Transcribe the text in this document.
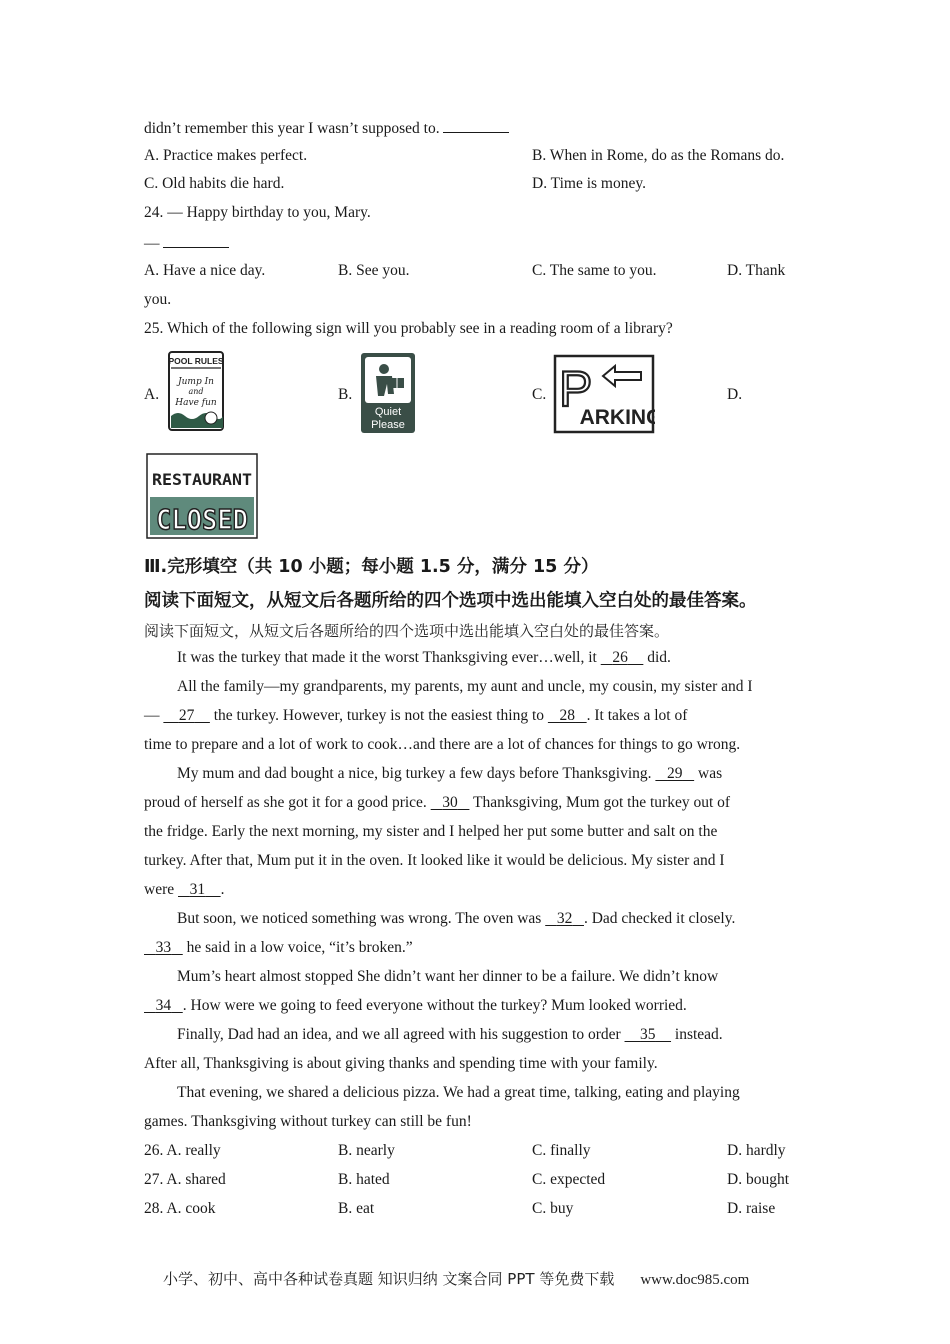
didn’t remember this year I wasn’t supposed to.
A. Practice makes perfect.	B. When in Rome, do as the Romans do.
C. Old habits die hard.	D. Time is money.
24. — Happy birthday to you, Mary.
—
A. Have a nice day.	B. See you.	C. The same to you.	D. Thank
you.
25. Which of the following sign will you probably see in a reading room of a library?
A.	B.	C.	D.
POOL RULES
Jump In
and
Have fun
Quiet
Please
P
ARKING
RESTAURANT
CLOSED
Ⅲ.完形填空（共 10 小题；每小题 1.5 分，满分 15 分）
阅读下面短文，从短文后各题所给的四个选项中选出能填入空白处的最佳答案。
阅读下面短文，从短文后各题所给的四个选项中选出能填入空白处的最佳答案。
It was the turkey that made it the worst Thanksgiving ever…well, it 26 did.
All the family—my grandparents, my parents, my aunt and uncle, my cousin, my sister and I
— 27 the turkey. However, turkey is not the easiest thing to 28 . It takes a lot of
time to prepare and a lot of work to cook…and there are a lot of chances for things to go wrong.
My mum and dad bought a nice, big turkey a few days before Thanksgiving. 29 was
proud of herself as she got it for a good price. 30 Thanksgiving, Mum got the turkey out of
the fridge. Early the next morning, my sister and I helped her put some butter and salt on the
turkey. After that, Mum put it in the oven. It looked like it would be delicious. My sister and I
were 31 .
But soon, we noticed something was wrong. The oven was 32 . Dad checked it closely.
33 he said in a low voice, “it’s broken.”
Mum’s heart almost stopped She didn’t want her dinner to be a failure. We didn’t know
34 . How were we going to feed everyone without the turkey? Mum looked worried.
Finally, Dad had an idea, and we all agreed with his suggestion to order 35 instead.
After all, Thanksgiving is about giving thanks and spending time with your family.
That evening, we shared a delicious pizza. We had a great time, talking, eating and playing
games. Thanksgiving without turkey can still be fun!
26. A. really	B. nearly	C. finally	D. hardly
27. A. shared	B. hated	C. expected	D. bought
28. A. cook	B. eat	C. buy	D. raise
小学、初中、高中各种试卷真题 知识归纳 文案合同 PPT 等免费下载 www.doc985.com
